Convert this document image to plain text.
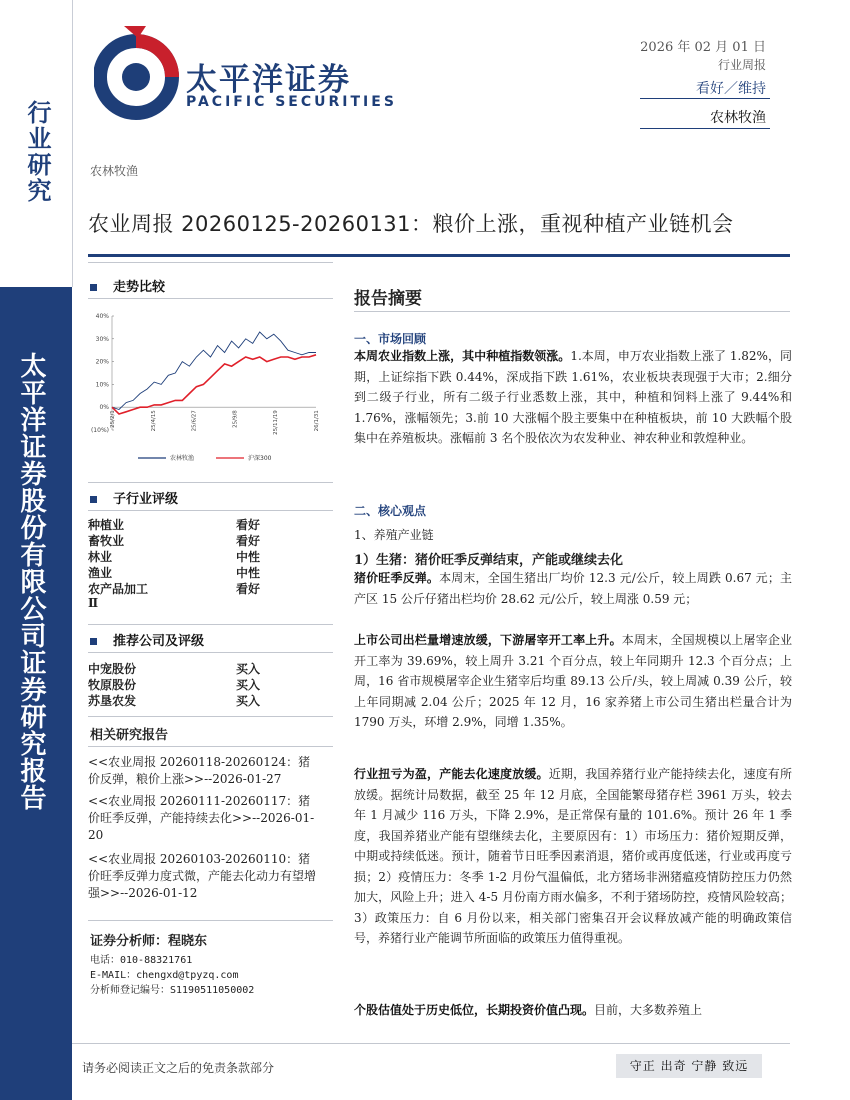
行业研究
太平洋证券股份有限公司证券研究报告
太平洋证券
PACIFIC SECURITIES
2026 年 02 月 01 日
行业周报
看好／维持
农林牧渔
农林牧渔
农业周报 20260125-20260131：粮价上涨，重视种植产业链机会
走势比较
40%
30%
20%
10%
0%
(10%)
25/2/1	25/4/15	25/6/27	25/9/8	25/11/19	26/1/31
农林牧渔	沪深300
子行业评级
种植业	看好
畜牧业	看好
林业	中性
渔业	中性
农产品加工	看好
Ⅱ
推荐公司及评级
中宠股份	买入
牧原股份	买入
苏垦农发	买入
相关研究报告
<<农业周报 20260118-20260124：猪价反弹，粮价上涨>>--2026-01-27
<<农业周报 20260111-20260117：猪价旺季反弹，产能持续去化>>--2026-01-20
<<农业周报 20260103-20260110：猪价旺季反弹力度式微，产能去化动力有望增强>>--2026-01-12
证券分析师：程晓东
电话：010-88321761
E-MAIL：chengxd@tpyzq.com
分析师登记编号：S1190511050002
报告摘要
一、市场回顾
本周农业指数上涨，其中种植指数领涨。1.本周，申万农业指数上涨了 1.82%，同期，上证综指下跌 0.44%，深成指下跌 1.61%，农业板块表现强于大市；2.细分到二级子行业，所有二级子行业悉数上涨，其中，种植和饲料上涨了 9.44%和 1.76%，涨幅领先；3.前 10 大涨幅个股主要集中在种植板块，前 10 大跌幅个股集中在养殖板块。涨幅前 3 名个股依次为农发种业、神农种业和敦煌种业。
二、核心观点
1、养殖产业链
1）生猪：猪价旺季反弹结束，产能或继续去化
猪价旺季反弹。本周末，全国生猪出厂均价 12.3 元/公斤，较上周跌 0.67 元；主产区 15 公斤仔猪出栏均价 28.62 元/公斤，较上周涨 0.59 元；
上市公司出栏量增速放缓，下游屠宰开工率上升。本周末，全国规模以上屠宰企业开工率为 39.69%，较上周升 3.21 个百分点，较上年同期升 12.3 个百分点；上周，16 省市规模屠宰企业生猪宰后均重 89.13 公斤/头，较上周减 0.39 公斤，较上年同期减 2.04 公斤；2025 年 12 月，16 家养猪上市公司生猪出栏量合计为 1790 万头，环增 2.9%，同增 1.35%。
行业扭亏为盈，产能去化速度放缓。近期，我国养猪行业产能持续去化，速度有所放缓。据统计局数据，截至 25 年 12 月底，全国能繁母猪存栏 3961 万头，较去年 1 月减少 116 万头，下降 2.9%，是正常保有量的 101.6%。预计 26 年 1 季度，我国养猪业产能有望继续去化，主要原因有：1）市场压力：猪价短期反弹，中期或持续低迷。预计，随着节日旺季因素消退，猪价或再度低迷，行业或再度亏损；2）疫情压力：冬季 1-2 月份气温偏低，北方猪场非洲猪瘟疫情防控压力仍然加大，风险上升；进入 4-5 月份南方雨水偏多，不利于猪场防控，疫情风险较高；3）政策压力：自 6 月份以来，相关部门密集召开会议释放减产能的明确政策信号，养猪行业产能调节所面临的政策压力值得重视。
个股估值处于历史低位，长期投资价值凸现。目前，大多数养殖上
请务必阅读正文之后的免责条款部分	守正 出奇 宁静 致远
